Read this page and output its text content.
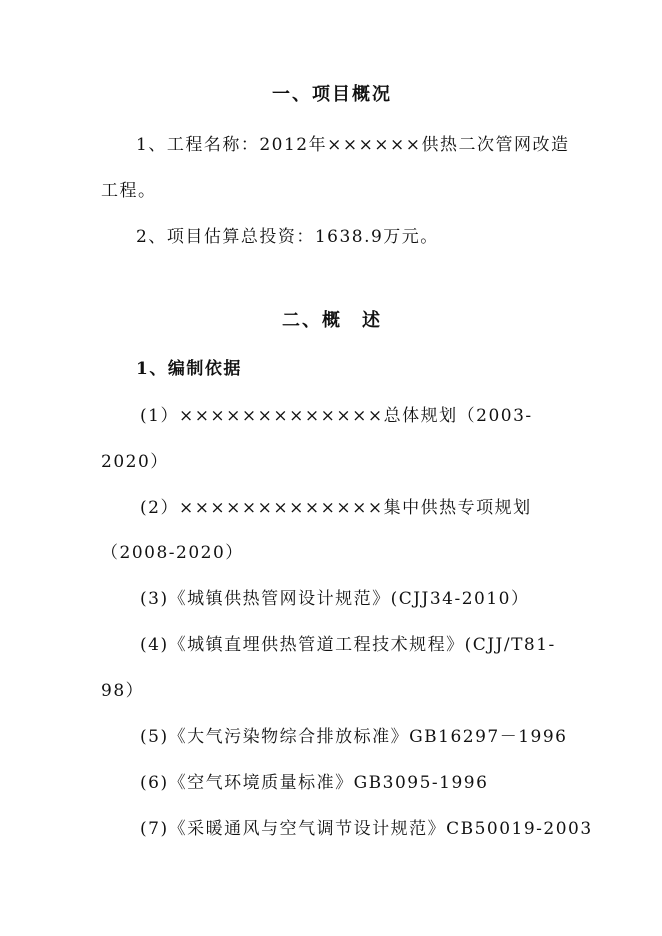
一、项目概况
1、工程名称：2012年××××××供热二次管网改造
工程。
2、项目估算总投资：1638.9万元。
二、概　述
1、编制依据
(1）×××××××××××××总体规划（2003-
2020）
(2）×××××××××××××集中供热专项规划
（2008-2020）
(3)《城镇供热管网设计规范》(CJJ34-2010）
(4)《城镇直埋供热管道工程技术规程》(CJJ/T81-
98）
(5)《大气污染物综合排放标准》GB16297－1996
(6)《空气环境质量标准》GB3095-1996
(7)《采暖通风与空气调节设计规范》CB50019-2003
